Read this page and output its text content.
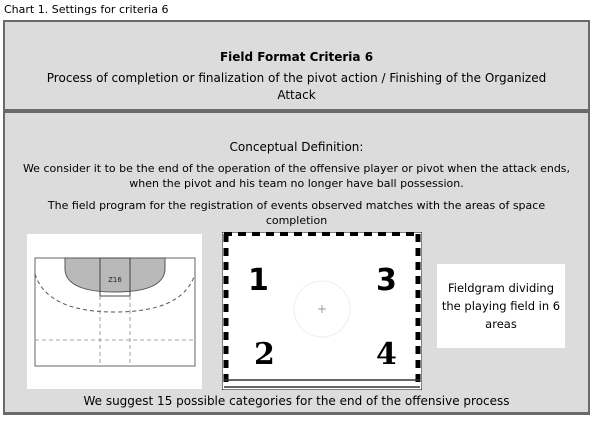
Chart 1. Settings for criteria 6
Field Format Criteria 6
Process of completion or finalization of the pivot action / Finishing of the Organized Attack
Conceptual Definition:
We consider it to be the end of the operation of the offensive player or pivot when the attack ends, when the pivot and his team no longer have ball possession.
The field program for the registration of events observed matches with the areas of space completion
Z16	1	3
2	4
Fieldgram dividing the playing field in 6 areas
We suggest 15 possible categories for the end of the offensive process
